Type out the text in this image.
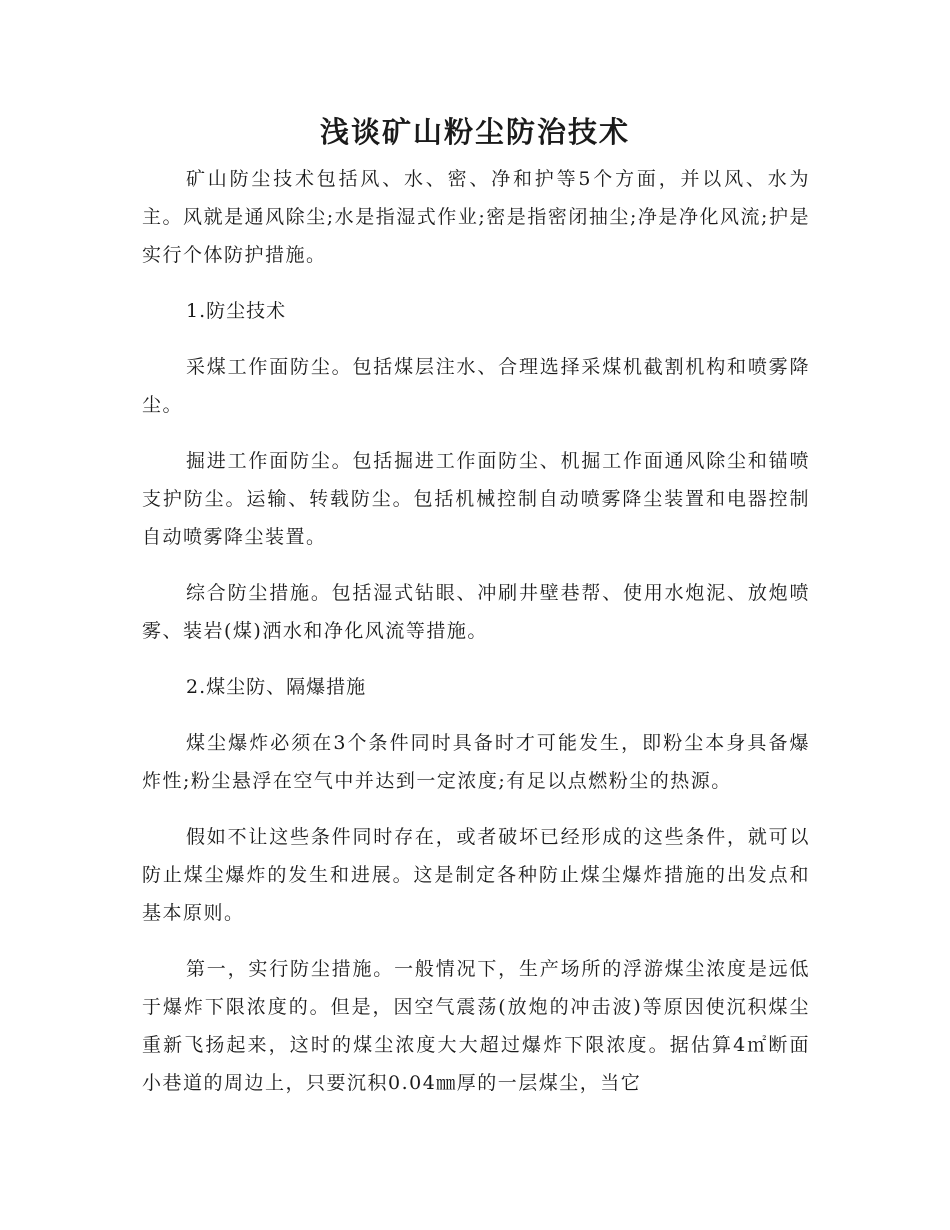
浅谈矿山粉尘防治技术

矿山防尘技术包括风、水、密、净和护等5个方面，并以风、水为主。风就是通风除尘;水是指湿式作业;密是指密闭抽尘;净是净化风流;护是实行个体防护措施。

1.防尘技术

采煤工作面防尘。包括煤层注水、合理选择采煤机截割机构和喷雾降尘。

掘进工作面防尘。包括掘进工作面防尘、机掘工作面通风除尘和锚喷支护防尘。运输、转载防尘。包括机械控制自动喷雾降尘装置和电器控制自动喷雾降尘装置。

综合防尘措施。包括湿式钻眼、冲刷井壁巷帮、使用水炮泥、放炮喷雾、装岩(煤)洒水和净化风流等措施。

2.煤尘防、隔爆措施

煤尘爆炸必须在3个条件同时具备时才可能发生，即粉尘本身具备爆炸性;粉尘悬浮在空气中并达到一定浓度;有足以点燃粉尘的热源。

假如不让这些条件同时存在，或者破坏已经形成的这些条件，就可以防止煤尘爆炸的发生和进展。这是制定各种防止煤尘爆炸措施的出发点和基本原则。

第一，实行防尘措施。一般情况下，生产场所的浮游煤尘浓度是远低于爆炸下限浓度的。但是，因空气震荡(放炮的冲击波)等原因使沉积煤尘重新飞扬起来，这时的煤尘浓度大大超过爆炸下限浓度。据估算4㎡断面小巷道的周边上，只要沉积0.04㎜厚的一层煤尘，当它
